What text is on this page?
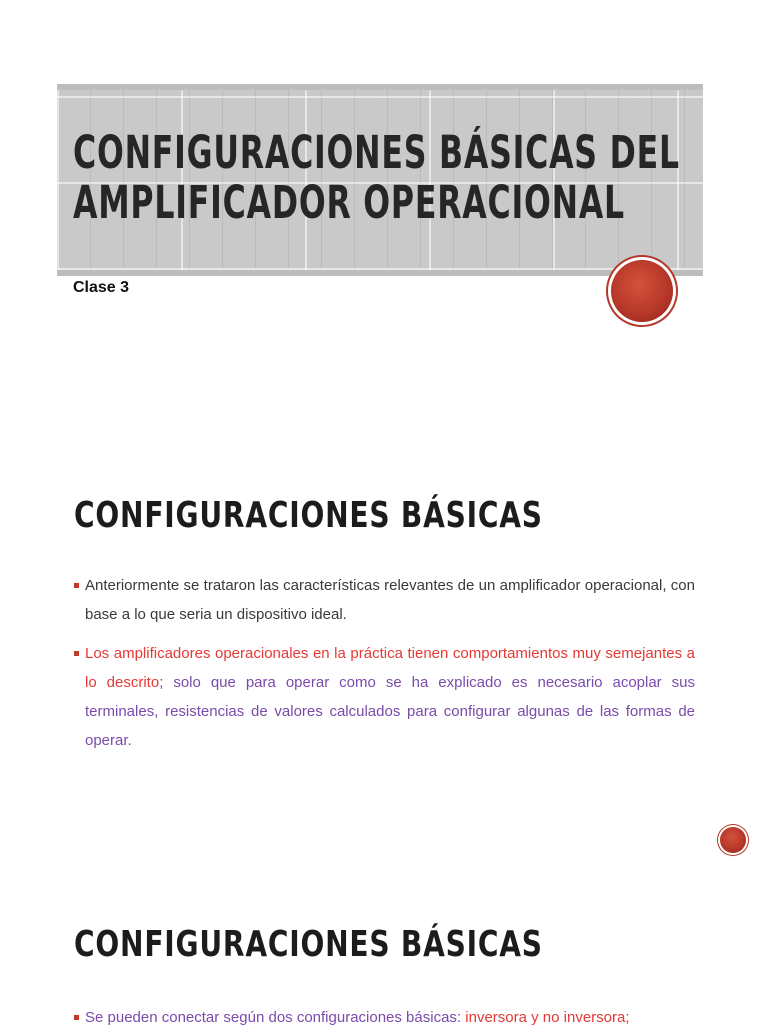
CONFIGURACIONES BÁSICAS DEL
AMPLIFICADOR OPERACIONAL
Clase 3
CONFIGURACIONES BÁSICAS
Anteriormente se trataron las características relevantes de un amplificador operacional, con base a lo que seria un dispositivo ideal.
Los amplificadores operacionales en la práctica tienen comportamientos muy semejantes a lo descrito; solo que para operar como se ha explicado es necesario acoplar sus terminales, resistencias de valores calculados para configurar algunas de las formas de operar.
CONFIGURACIONES BÁSICAS
Se pueden conectar según dos configuraciones básicas: inversora y no inversora;
